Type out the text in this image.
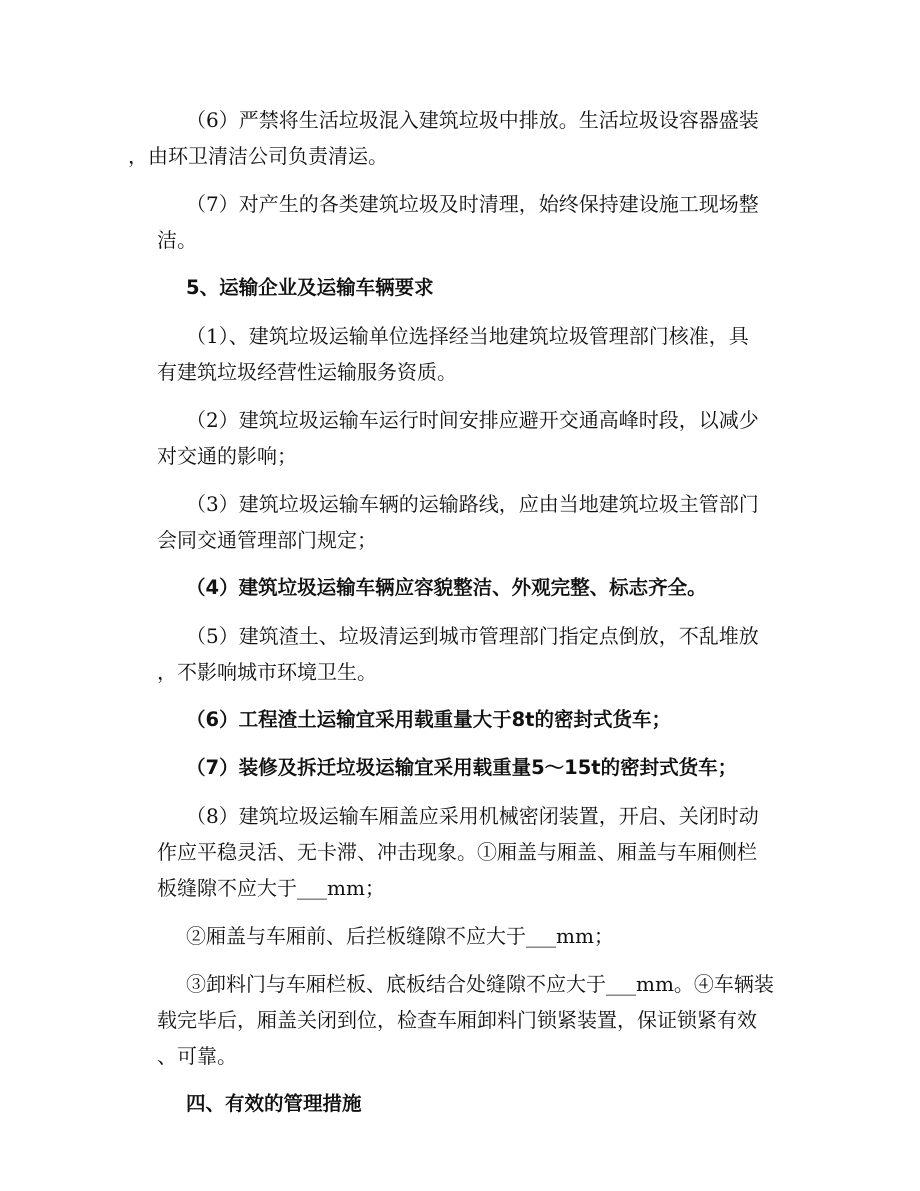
（6）严禁将生活垃圾混入建筑垃圾中排放。生活垃圾设容器盛装
，由环卫清洁公司负责清运。

（7）对产生的各类建筑垃圾及时清理，始终保持建设施工现场整
洁。

5、运输企业及运输车辆要求

（1）、建筑垃圾运输单位选择经当地建筑垃圾管理部门核准，具
有建筑垃圾经营性运输服务资质。

（2）建筑垃圾运输车运行时间安排应避开交通高峰时段，以减少
对交通的影响；

（3）建筑垃圾运输车辆的运输路线，应由当地建筑垃圾主管部门
会同交通管理部门规定；

（4）建筑垃圾运输车辆应容貌整洁、外观完整、标志齐全。

（5）建筑渣土、垃圾清运到城市管理部门指定点倒放，不乱堆放
，不影响城市环境卫生。

（6）工程渣土运输宜采用载重量大于8t的密封式货车；

（7）装修及拆迁垃圾运输宜采用载重量5～15t的密封式货车；

（8）建筑垃圾运输车厢盖应采用机械密闭装置，开启、关闭时动
作应平稳灵活、无卡滞、冲击现象。①厢盖与厢盖、厢盖与车厢侧栏
板缝隙不应大于___mm；

②厢盖与车厢前、后拦板缝隙不应大于___mm；

③卸料门与车厢栏板、底板结合处缝隙不应大于___mm。④车辆装
载完毕后，厢盖关闭到位，检查车厢卸料门锁紧装置，保证锁紧有效
、可靠。

四、有效的管理措施
